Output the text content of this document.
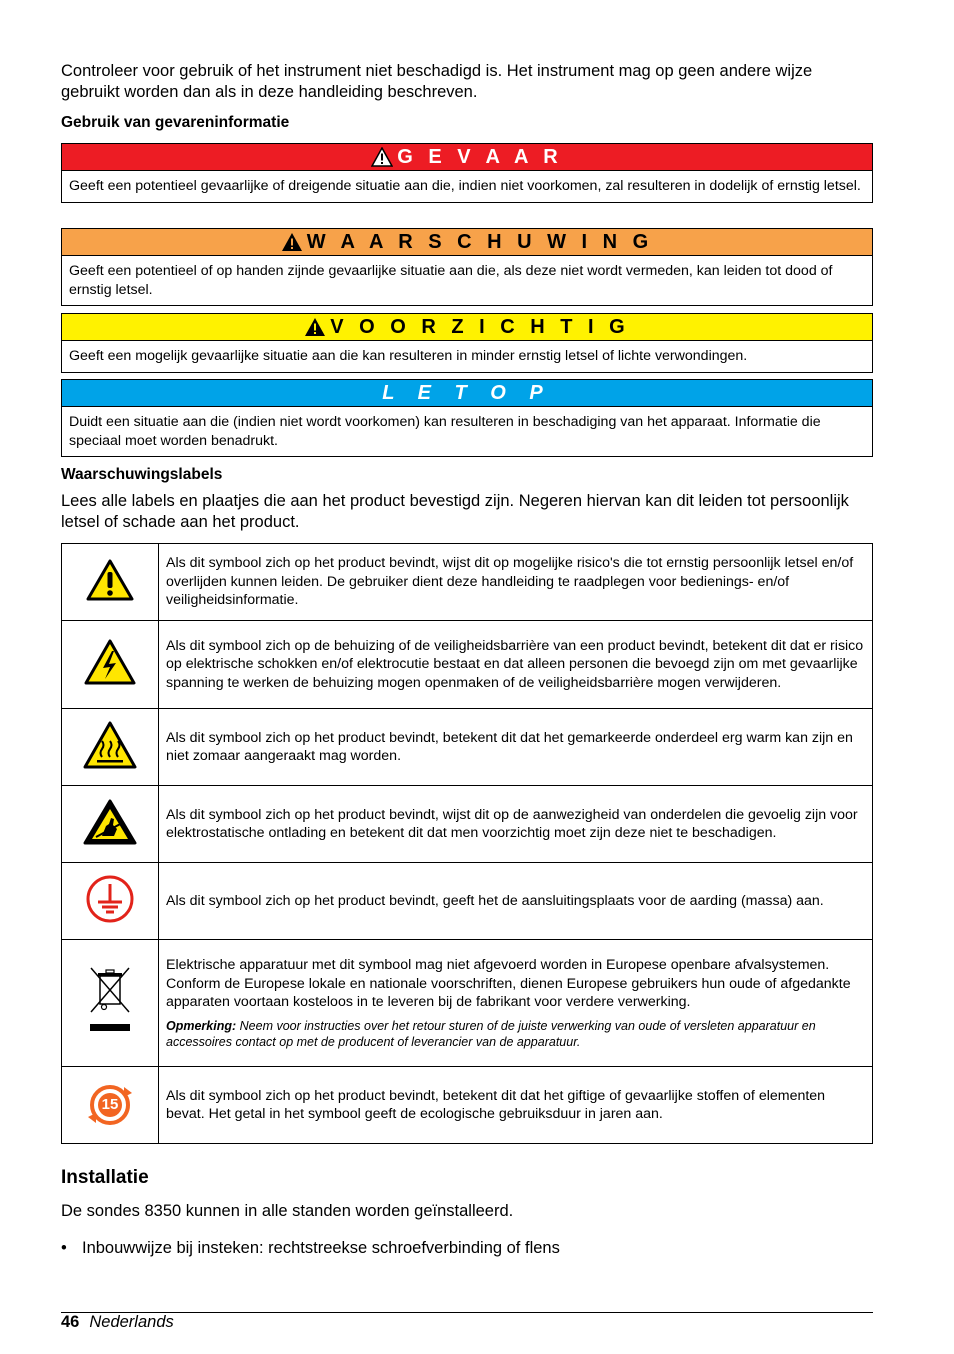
Controleer voor gebruik of het instrument niet beschadigd is. Het instrument mag op geen andere wijze gebruikt worden dan als in deze handleiding beschreven.

Gebruik van gevareninformatie
G E V A A R
Geeft een potentieel gevaarlijke of dreigende situatie aan die, indien niet voorkomen, zal resulteren in dodelijk of ernstig letsel.
W A A R S C H U W I N G
Geeft een potentieel of op handen zijnde gevaarlijke situatie aan die, als deze niet wordt vermeden, kan leiden tot dood of ernstig letsel.
V O O R Z I C H T I G
Geeft een mogelijk gevaarlijke situatie aan die kan resulteren in minder ernstig letsel of lichte verwondingen.
L E T O P
Duidt een situatie aan die (indien niet wordt voorkomen) kan resulteren in beschadiging van het apparaat. Informatie die speciaal moet worden benadrukt.
Waarschuwingslabels

Lees alle labels en plaatjes die aan het product bevestigd zijn. Negeren hiervan kan dit leiden tot persoonlijk letsel of schade aan het product.

	Als dit symbool zich op het product bevindt, wijst dit op mogelijke risico's die tot ernstig persoonlijk letsel en/of overlijden kunnen leiden. De gebruiker dient deze handleiding te raadplegen voor bedienings- en/of veiligheidsinformatie.
	Als dit symbool zich op de behuizing of de veiligheidsbarrière van een product bevindt, betekent dit dat er risico op elektrische schokken en/of elektrocutie bestaat en dat alleen personen die bevoegd zijn om met gevaarlijke spanning te werken de behuizing mogen openmaken of de veiligheidsbarrière mogen verwijderen.
	Als dit symbool zich op het product bevindt, betekent dit dat het gemarkeerde onderdeel erg warm kan zijn en niet zomaar aangeraakt mag worden.
	Als dit symbool zich op het product bevindt, wijst dit op de aanwezigheid van onderdelen die gevoelig zijn voor elektrostatische ontlading en betekent dit dat men voorzichtig moet zijn deze niet te beschadigen.
	Als dit symbool zich op het product bevindt, geeft het de aansluitingsplaats voor de aarding (massa) aan.

Elektrische apparatuur met dit symbool mag niet afgevoerd worden in Europese openbare afvalsystemen. Conform de Europese lokale en nationale voorschriften, dienen Europese gebruikers hun oude of afgedankte apparaten voortaan kosteloos in te leveren bij de fabrikant voor verdere verwerking.
Opmerking: Neem voor instructies over het retour sturen of de juiste verwerking van oude of versleten apparatuur en accessoires contact op met de producent of leverancier van de apparatuur.

15	Als dit symbool zich op het product bevindt, betekent dit dat het giftige of gevaarlijke stoffen of elementen bevat. Het getal in het symbool geeft de ecologische gebruiksduur in jaren aan.
Installatie

De sondes 8350 kunnen in alle standen worden geïnstalleerd.

• Inbouwwijze bij insteken: rechtstreekse schroefverbinding of flens

46 Nederlands
